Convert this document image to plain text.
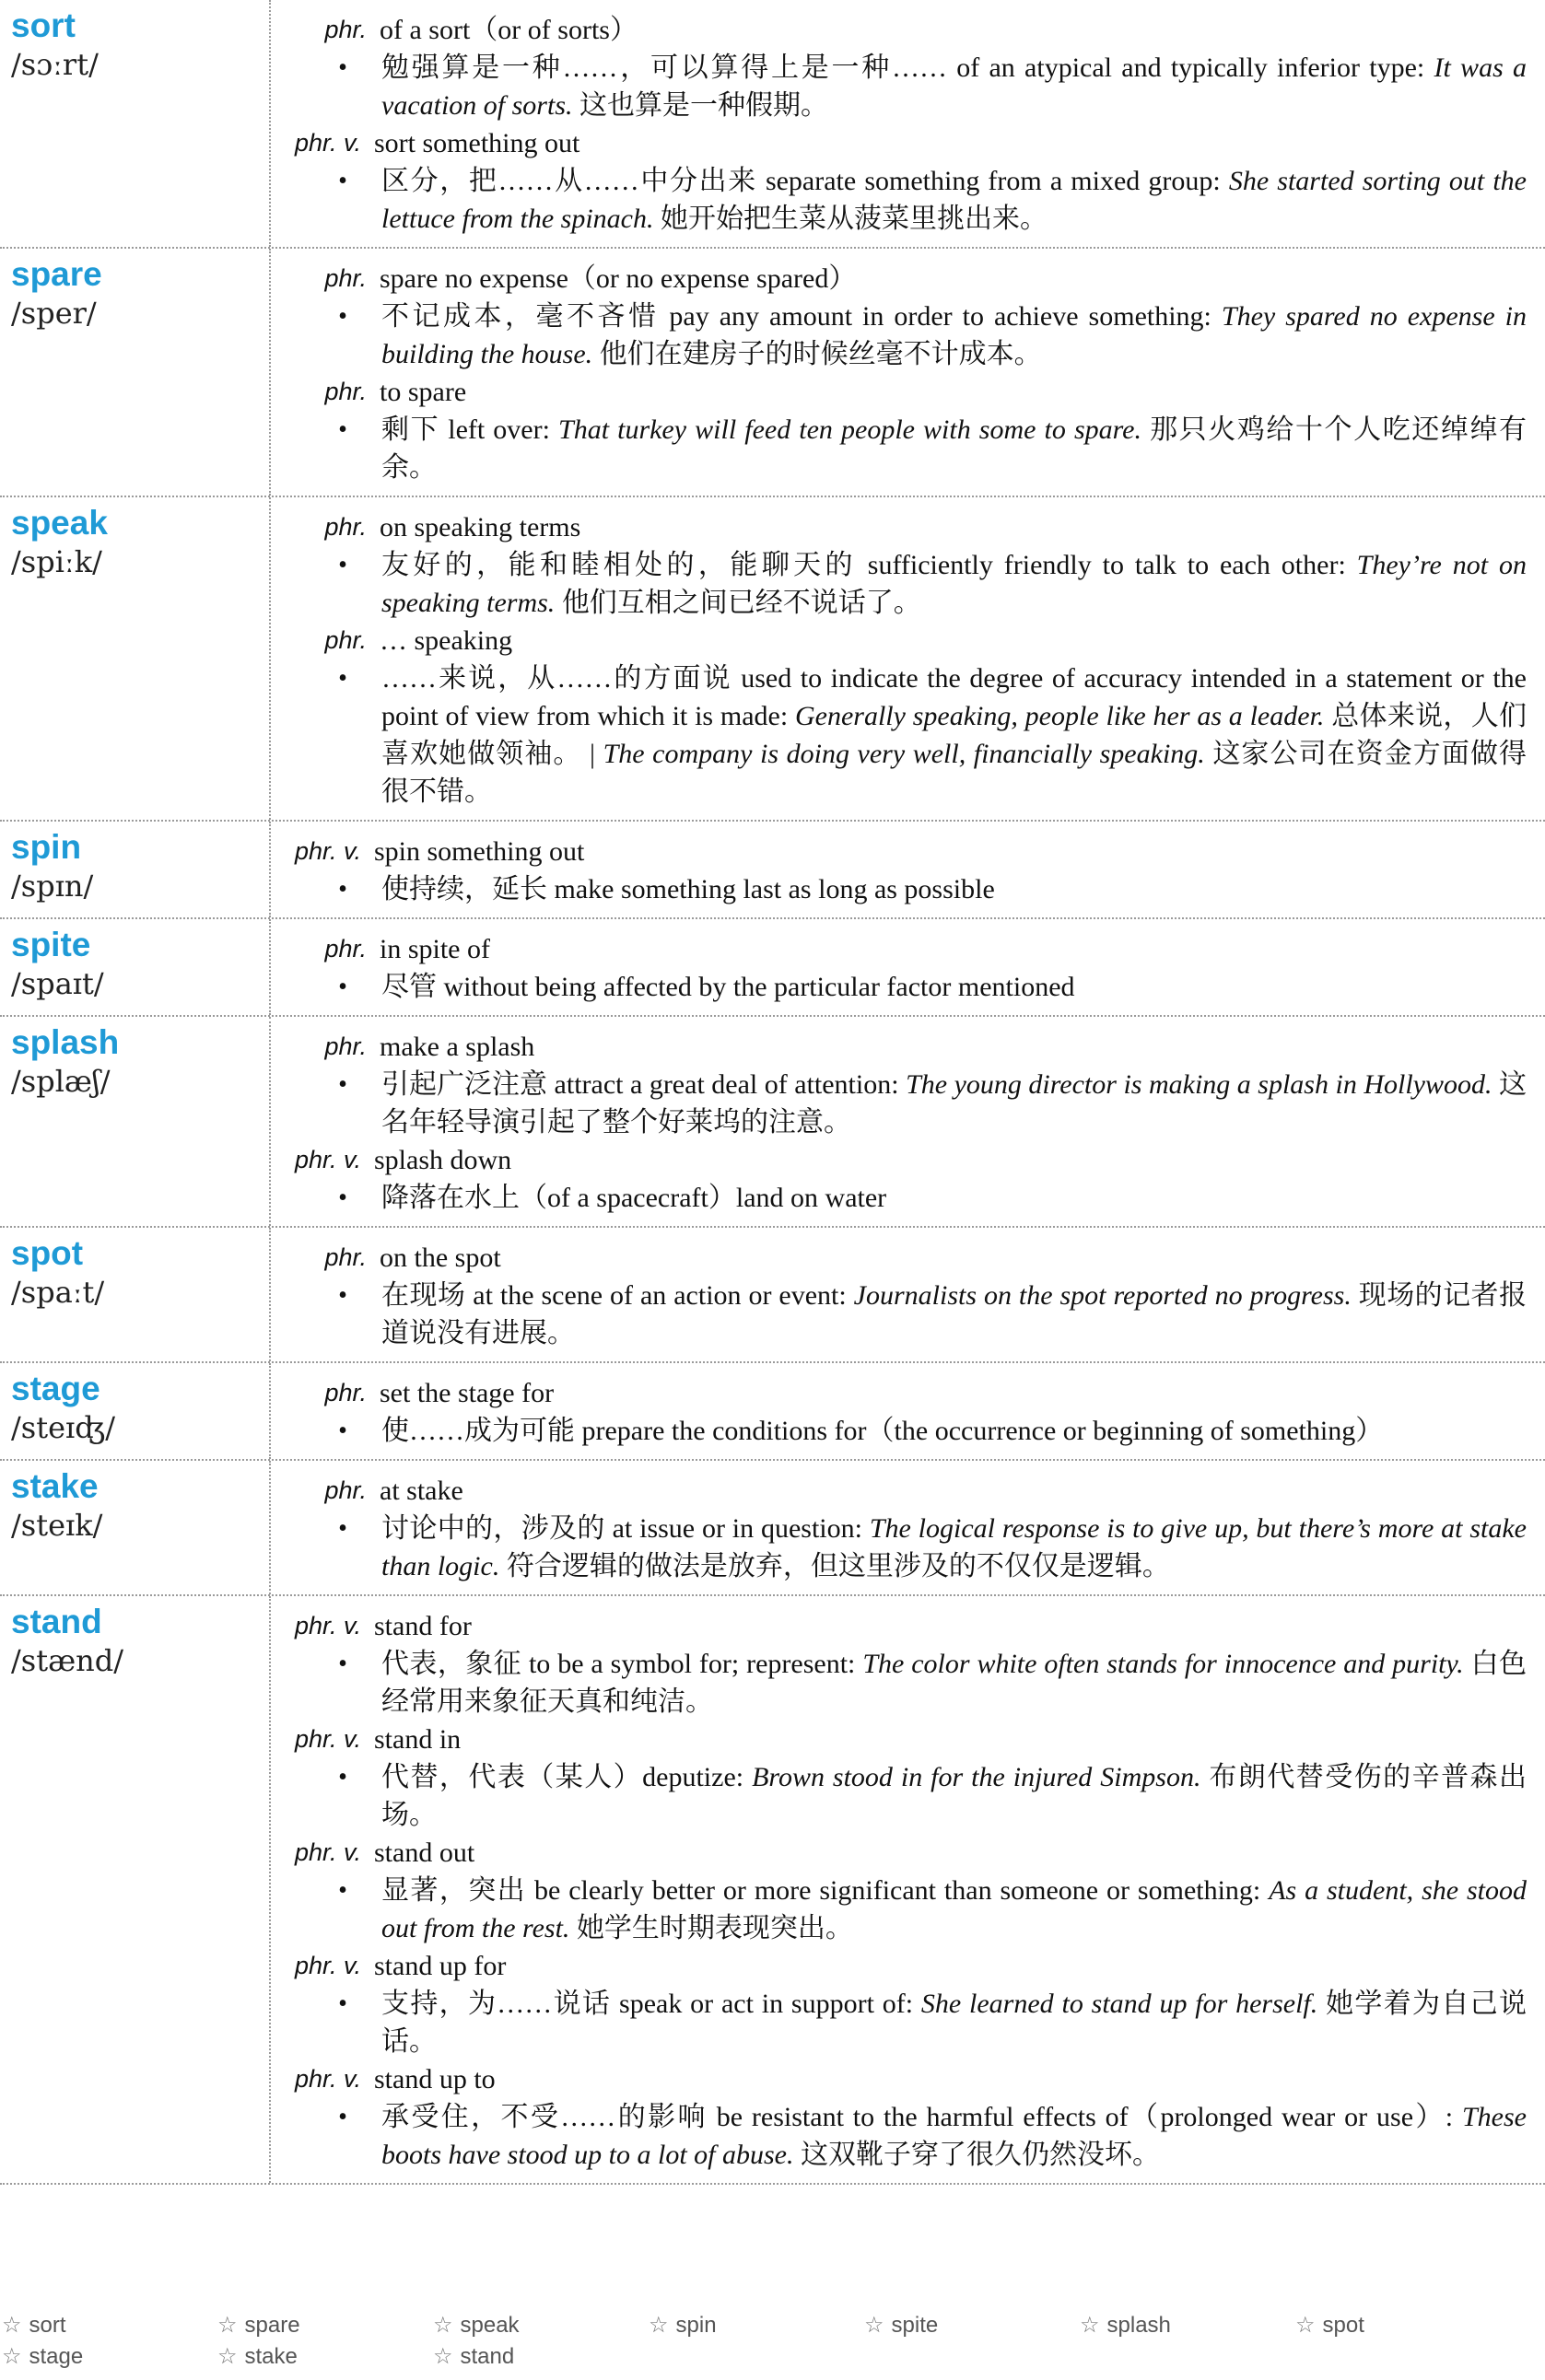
sort
/sɔːrt/
phr. of a sort（or of sorts）
•	勉强算是一种……，可以算得上是一种…… of an atypical and typically inferior type: It was a vacation of sorts. 这也算是一种假期。
phr. v. sort something out
•	区分，把……从……中分出来 separate something from a mixed group: She started sorting out the lettuce from the spinach. 她开始把生菜从菠菜里挑出来。
spare
/sper/
phr. spare no expense（or no expense spared）
•	不记成本，毫不吝惜 pay any amount in order to achieve something: They spared no expense in building the house. 他们在建房子的时候丝毫不计成本。
phr. to spare
•	剩下 left over: That turkey will feed ten people with some to spare. 那只火鸡给十个人吃还绰绰有余。
speak
/spiːk/
phr. on speaking terms
•	友好的，能和睦相处的，能聊天的 sufficiently friendly to talk to each other: They’re not on speaking terms. 他们互相之间已经不说话了。
phr. … speaking
•	……来说，从……的方面说 used to indicate the degree of accuracy intended in a statement or the point of view from which it is made: Generally speaking, people like her as a leader. 总体来说，人们喜欢她做领袖。 | The company is doing very well, financially speaking. 这家公司在资金方面做得很不错。
spin
/spɪn/
phr. v. spin something out
•	使持续，延长 make something last as long as possible
spite
/spaɪt/
phr. in spite of
•	尽管 without being affected by the particular factor mentioned
splash
/splæʃ/
phr. make a splash
•	引起广泛注意 attract a great deal of attention: The young director is making a splash in Hollywood. 这名年轻导演引起了整个好莱坞的注意。
phr. v. splash down
•	降落在水上（of a spacecraft）land on water
spot
/spaːt/
phr. on the spot
•	在现场 at the scene of an action or event: Journalists on the spot reported no progress. 现场的记者报道说没有进展。
stage
/steɪʤ/
phr. set the stage for
•	使……成为可能 prepare the conditions for（the occurrence or beginning of something）
stake
/steɪk/
phr. at stake
•	讨论中的，涉及的 at issue or in question: The logical response is to give up, but there’s more at stake than logic. 符合逻辑的做法是放弃，但这里涉及的不仅仅是逻辑。
stand
/stænd/
phr. v. stand for
•	代表，象征 to be a symbol for; represent: The color white often stands for innocence and purity. 白色经常用来象征天真和纯洁。
phr. v. stand in
•	代替，代表（某人）deputize: Brown stood in for the injured Simpson. 布朗代替受伤的辛普森出场。
phr. v. stand out
•	显著，突出 be clearly better or more significant than someone or something: As a student, she stood out from the rest. 她学生时期表现突出。
phr. v. stand up for
•	支持，为……说话 speak or act in support of: She learned to stand up for herself. 她学着为自己说话。
phr. v. stand up to
•	承受住，不受……的影响 be resistant to the harmful effects of（prolonged wear or use）: These boots have stood up to a lot of abuse. 这双靴子穿了很久仍然没坏。
☆ sort	☆ spare	☆ speak	☆ spin	☆ spite	☆ splash	☆ spot
☆ stage	☆ stake	☆ stand
